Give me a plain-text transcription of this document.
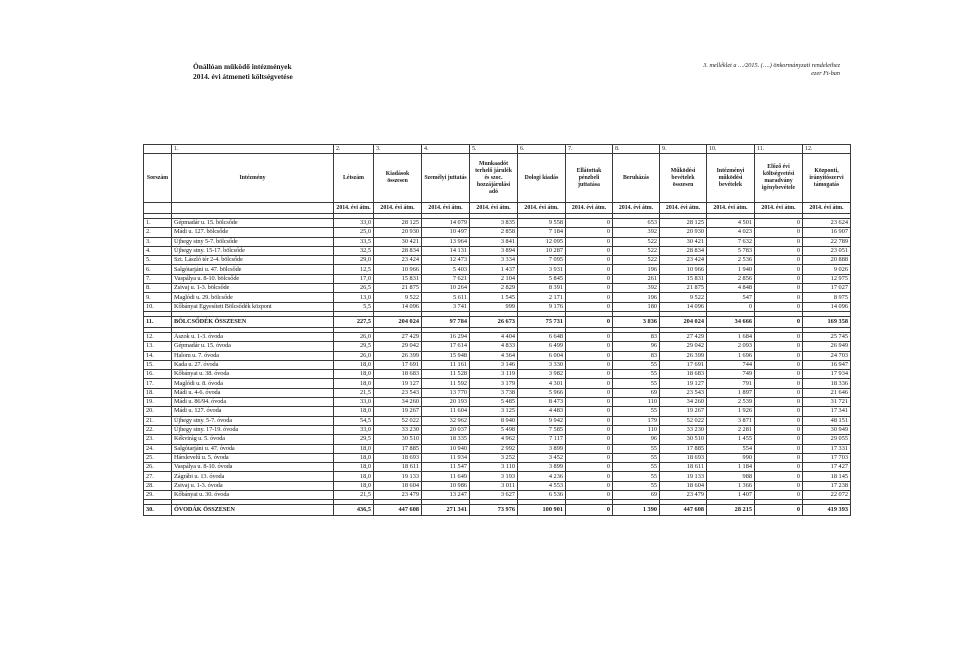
Önállóan működő intézmények
2014. évi átmeneti költségvetése
3. melléklet a …/2015. (….) önkormányzati rendelethez
ezer Ft-ban
	1.	2.	3.	4.	5.	6.	7.	8.	9.	10.	11.	12.
Sorszám	Intézmény	Létszám	Kiadások összesen	Személyi juttatás	Munkaadót terhelő járulék és szoc. hozzájárulási adó	Dologi kiadás	Ellátottak pénzbeli juttatása	Beruházás	Működési bevételek összesen	Intézményi működési bevételek	Előző évi költségvetési maradvány igénybevétele	Központi, irányítószervi támogatás
		2014. évi átm.	2014. évi átm.	2014. évi átm.	2014. évi átm.	2014. évi átm.	2014. évi átm.	2014. évi átm.	2014. évi átm.	2014. évi átm.	2014. évi átm.	2014. évi átm.

1.	Gépmadár u. 15. bölcsőde	33,0	28 125	14 079	3 835	9 558	0	653	28 125	4 501	0	23 624
2.	Mádi u. 127. bölcsőde	25,0	20 930	10 497	2 858	7 184	0	392	20 930	4 023	0	16 907
3.	Újhegy stny 5-7. bölcsőde	33,5	30 421	13 964	3 841	12 095	0	522	30 421	7 632	0	22 789
4.	Újhegy stny. 15-17. bölcsőde	32,5	28 834	14 131	3 894	10 287	0	522	28 834	5 783	0	23 051
5.	Szt. László tér 2-4. bölcsőde	29,0	23 424	12 473	3 334	7 095	0	522	23 424	2 536	0	20 888
6.	Salgótarjáni u. 47. bölcsőde	12,5	10 966	5 403	1 437	3 931	0	196	10 966	1 940	0	9 026
7.	Vaspálya u. 8-10. bölcsőde	17,0	15 831	7 621	2 104	5 845	0	261	15 831	2 856	0	12 975
8.	Zsivaj u. 1-3. bölcsőde	26,5	21 875	10 264	2 829	8 391	0	392	21 875	4 848	0	17 027
9.	Maglódi u. 29. bölcsőde	13,0	9 522	5 611	1 545	2 171	0	196	9 522	547	0	8 975
10.	Kőbányai Egyesített Bölcsődék központ	5,5	14 096	3 741	999	9 176	0	180	14 096	0	0	14 096

11.	BÖLCSŐDÉK ÖSSZESEN	227,5	204 024	97 784	26 673	75 731	0	3 836	204 024	34 666	0	169 358

12.	Ászok u. 1-3. óvoda	26,0	27 429	16 294	4 404	6 648	0	83	27 429	1 684	0	25 745
13.	Gépmadár u. 15. óvoda	29,5	29 042	17 614	4 833	6 499	0	96	29 042	2 093	0	26 949
14.	Halom u. 7. óvoda	26,0	26 399	15 948	4 364	6 004	0	83	26 399	1 696	0	24 703
15.	Kada u. 27. óvoda	18,0	17 691	11 161	3 146	3 330	0	55	17 691	744	0	16 947
16.	Kőbányai u. 38. óvoda	18,0	18 683	11 528	3 119	3 982	0	55	18 683	749	0	17 934
17.	Maglódi u. 8. óvoda	18,0	19 127	11 592	3 179	4 301	0	55	19 127	791	0	18 336
18.	Mádi u. 4-6. óvoda	21,5	23 543	13 770	3 738	5 966	0	69	23 543	1 897	0	21 646
19.	Mádi u. 86/94. óvoda	33,0	34 260	20 193	5 485	8 473	0	110	34 260	2 539	0	31 721
20.	Mádi u. 127. óvoda	18,0	19 267	11 604	3 125	4 483	0	55	19 267	1 926	0	17 341
21.	Újhegy stny. 5-7. óvoda	54,5	52 022	32 962	8 940	9 942	0	179	52 022	3 871	0	48 151
22.	Újhegy stny. 17-19. óvoda	33,0	33 230	20 037	5 498	7 585	0	110	33 230	2 281	0	30 949
23.	Kékvirág u. 5. óvoda	29,5	30 510	18 335	4 962	7 117	0	96	30 510	1 455	0	29 055
24.	Salgótarjáni u. 47. óvoda	18,0	17 885	10 940	2 992	3 899	0	55	17 885	554	0	17 331
25.	Hárslevelű u. 5. óvoda	18,0	18 693	11 934	3 252	3 452	0	55	18 693	990	0	17 703
26.	Vaspálya u. 8-10. óvoda	18,0	18 611	11 547	3 110	3 899	0	55	18 611	1 184	0	17 427
27.	Zágrábi u. 13. óvoda	18,0	19 133	11 649	3 193	4 236	0	55	19 133	988	0	18 145
28.	Zsivaj u. 1-3. óvoda	18,0	18 604	10 986	3 011	4 553	0	55	18 604	1 366	0	17 238
29.	Kőbányai u. 30. óvoda	21,5	23 479	13 247	3 627	6 536	0	69	23 479	1 407	0	22 072

30.	ÓVODÁK ÖSSZESEN	436,5	447 608	271 341	73 976	100 901	0	1 390	447 608	28 215	0	419 393
